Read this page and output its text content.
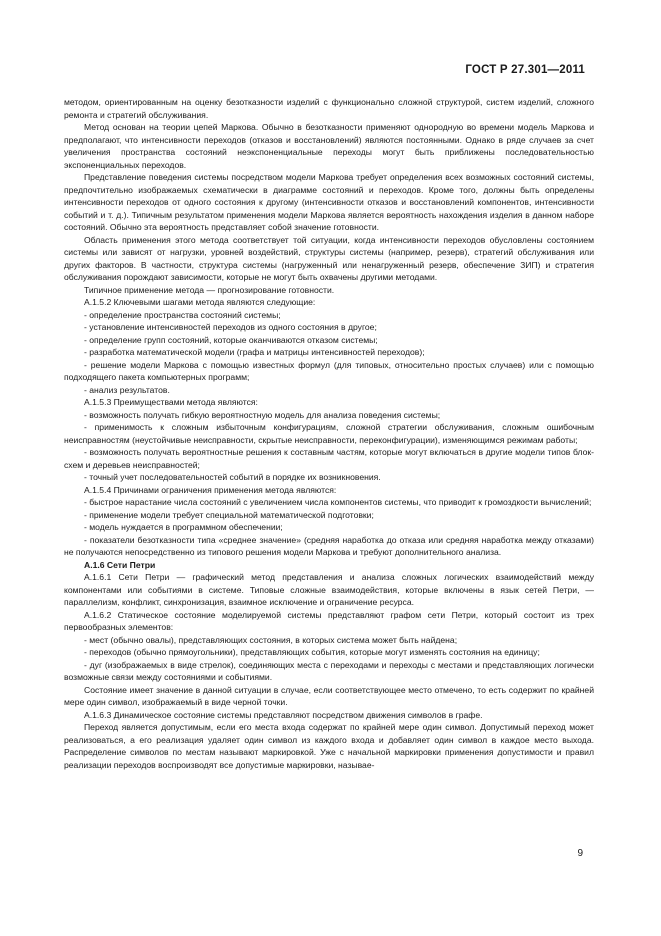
ГОСТ Р 27.301—2011

методом, ориентированным на оценку безотказности изделий с функционально сложной структурой, систем изделий, сложного ремонта и стратегий обслуживания.

Метод основан на теории цепей Маркова. Обычно в безотказности применяют однородную во времени модель Маркова и предполагают, что интенсивности переходов (отказов и восстановлений) являются постоянными. Однако в ряде случаев за счет увеличения пространства состояний неэкспоненциальные переходы могут быть приближены последовательностью экспоненциальных переходов.

Представление поведения системы посредством модели Маркова требует определения всех возможных состояний системы, предпочтительно изображаемых схематически в диаграмме состояний и переходов. Кроме того, должны быть определены интенсивности переходов от одного состояния к другому (интенсивности отказов и восстановлений компонентов, интенсивности событий и т. д.). Типичным результатом применения модели Маркова является вероятность нахождения изделия в данном наборе состояний. Обычно эта вероятность представляет собой значение готовности.

Область применения этого метода соответствует той ситуации, когда интенсивности переходов обусловлены состоянием системы или зависят от нагрузки, уровней воздействий, структуры системы (например, резерв), стратегий обслуживания или других факторов. В частности, структура системы (нагруженный или ненагруженный резерв, обеспечение ЗИП) и стратегия обслуживания порождают зависимости, которые не могут быть охвачены другими методами.

Типичное применение метода — прогнозирование готовности.

А.1.5.2 Ключевыми шагами метода являются следующие:

- определение пространства состояний системы;

- установление интенсивностей переходов из одного состояния в другое;

- определение групп состояний, которые оканчиваются отказом системы;

- разработка математической модели (графа и матрицы интенсивностей переходов);

- решение модели Маркова с помощью известных формул (для типовых, относительно простых случаев) или с помощью подходящего пакета компьютерных программ;

- анализ результатов.

А.1.5.3 Преимуществами метода являются:

- возможность получать гибкую вероятностную модель для анализа поведения системы;

- применимость к сложным избыточным конфигурациям, сложной стратегии обслуживания, сложным ошибочным неисправностям (неустойчивые неисправности, скрытые неисправности, переконфигурации), изменяющимся режимам работы;

- возможность получать вероятностные решения к составным частям, которые могут включаться в другие модели типов блок-схем и деревьев неисправностей;

- точный учет последовательностей событий в порядке их возникновения.

А.1.5.4 Причинами ограничения применения метода являются:

- быстрое нарастание числа состояний с увеличением числа компонентов системы, что приводит к громоздкости вычислений;

- применение модели требует специальной математической подготовки;

- модель нуждается в программном обеспечении;

- показатели безотказности типа «среднее значение» (средняя наработка до отказа или средняя наработка между отказами) не получаются непосредственно из типового решения модели Маркова и требуют дополнительного анализа.

А.1.6 Сети Петри

А.1.6.1 Сети Петри — графический метод представления и анализа сложных логических взаимодействий между компонентами или событиями в системе. Типовые сложные взаимодействия, которые включены в язык сетей Петри, — параллелизм, конфликт, синхронизация, взаимное исключение и ограничение ресурса.

А.1.6.2 Статическое состояние моделируемой системы представляют графом сети Петри, который состоит из трех первообразных элементов:

- мест (обычно овалы), представляющих состояния, в которых система может быть найдена;

- переходов (обычно прямоугольники), представляющих события, которые могут изменять состояния на единицу;

- дуг (изображаемых в виде стрелок), соединяющих места с переходами и переходы с местами и представляющих логически возможные связи между состояниями и событиями.

Состояние имеет значение в данной ситуации в случае, если соответствующее место отмечено, то есть содержит по крайней мере один символ, изображаемый в виде черной точки.

А.1.6.3 Динамическое состояние системы представляют посредством движения символов в графе.

Переход является допустимым, если его места входа содержат по крайней мере один символ. Допустимый переход может реализоваться, а его реализация удаляет один символ из каждого входа и добавляет один символ в каждое место выхода. Распределение символов по местам называют маркировкой. Уже с начальной маркировки применения допустимости и правил реализации переходов воспроизводят все допустимые маркировки, называе-

9
